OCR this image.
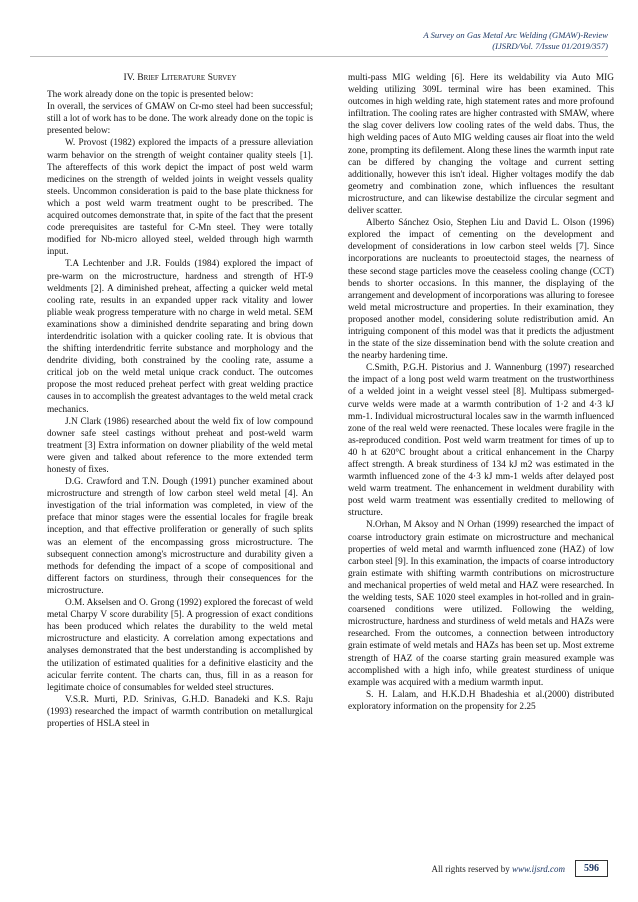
A Survey on Gas Metal Arc Welding (GMAW)-Review
(IJSRD/Vol. 7/Issue 01/2019/357)
IV. Brief Literature Survey

The work already done on the topic is presented below:

In overall, the services of GMAW on Cr-mo steel had been successful; still a lot of work has to be done. The work already done on the topic is presented below:

W. Provost (1982) explored the impacts of a pressure alleviation warm behavior on the strength of weight container quality steels [1]. The aftereffects of this work depict the impact of post weld warm medicines on the strength of welded joints in weight vessels quality steels. Uncommon consideration is paid to the base plate thickness for which a post weld warm treatment ought to be prescribed. The acquired outcomes demonstrate that, in spite of the fact that the present code prerequisites are tasteful for C-Mn steel. They were totally modified for Nb-micro alloyed steel, welded through high warmth input.

T.A Lechtenber and J.R. Foulds (1984) explored the impact of pre-warm on the microstructure, hardness and strength of HT-9 weldments [2]. A diminished preheat, affecting a quicker weld metal cooling rate, results in an expanded upper rack vitality and lower pliable weak progress temperature with no charge in weld metal. SEM examinations show a diminished dendrite separating and bring down interdendritic isolation with a quicker cooling rate. It is obvious that the shifting interdendritic ferrite substance and morphology and the dendrite dividing, both constrained by the cooling rate, assume a critical job on the weld metal unique crack conduct. The outcomes propose the most reduced preheat perfect with great welding practice causes in to accomplish the greatest advantages to the weld metal crack mechanics.

J.N Clark (1986) researched about the weld fix of low compound downer safe steel castings without preheat and post-weld warm treatment [3] Extra information on downer pliability of the weld metal were given and talked about reference to the more extended term honesty of fixes.

D.G. Crawford and T.N. Dough (1991) puncher examined about microstructure and strength of low carbon steel weld metal [4]. An investigation of the trial information was completed, in view of the preface that minor stages were the essential locales for fragile break inception, and that effective proliferation or generally of such splits was an element of the encompassing gross microstructure. The subsequent connection among's microstructure and durability given a methods for defending the impact of a scope of compositional and different factors on sturdiness, through their consequences for the microstructure.

O.M. Akselsen and O. Grong (1992) explored the forecast of weld metal Charpy V score durability [5]. A progression of exact conditions has been produced which relates the durability to the weld metal microstructure and elasticity. A correlation among expectations and analyses demonstrated that the best understanding is accomplished by the utilization of estimated qualities for a definitive elasticity and the acicular ferrite content. The charts can, thus, fill in as a reason for legitimate choice of consumables for welded steel structures.

V.S.R. Murti, P.D. Srinivas, G.H.D. Banadeki and K.S. Raju (1993) researched the impact of warmth contribution on metallurgical properties of HSLA steel in

multi-pass MIG welding [6]. Here its weldability via Auto MIG welding utilizing 309L terminal wire has been examined. This outcomes in high welding rate, high statement rates and more profound infiltration. The cooling rates are higher contrasted with SMAW, where the slag cover delivers low cooling rates of the weld dabs. Thus, the high welding paces of Auto MIG welding causes air float into the weld zone, prompting its defilement. Along these lines the warmth input rate can be differed by changing the voltage and current setting additionally, however this isn't ideal. Higher voltages modify the dab geometry and combination zone, which influences the resultant microstructure, and can likewise destabilize the circular segment and deliver scatter.

Alberto Sánchez Osio, Stephen Liu and David L. Olson (1996) explored the impact of cementing on the development and development of considerations in low carbon steel welds [7]. Since incorporations are nucleants to proeutectoid stages, the nearness of these second stage particles move the ceaseless cooling change (CCT) bends to shorter occasions. In this manner, the displaying of the arrangement and development of incorporations was alluring to foresee weld metal microstructure and properties. In their examination, they proposed another model, considering solute redistribution amid. An intriguing component of this model was that it predicts the adjustment in the state of the size dissemination bend with the solute creation and the nearby hardening time.

C.Smith, P.G.H. Pistorius and J. Wannenburg (1997) researched the impact of a long post weld warm treatment on the trustworthiness of a welded joint in a weight vessel steel [8]. Multipass submerged-curve welds were made at a warmth contribution of 1·2 and 4·3 kJ mm-1. Individual microstructural locales saw in the warmth influenced zone of the real weld were reenacted. These locales were fragile in the as-reproduced condition. Post weld warm treatment for times of up to 40 h at 620°C brought about a critical enhancement in the Charpy affect strength. A break sturdiness of 134 kJ m2 was estimated in the warmth influenced zone of the 4·3 kJ mm-1 welds after delayed post weld warm treatment. The enhancement in weldment durability with post weld warm treatment was essentially credited to mellowing of structure.

N.Orhan, M Aksoy and N Orhan (1999) researched the impact of coarse introductory grain estimate on microstructure and mechanical properties of weld metal and warmth influenced zone (HAZ) of low carbon steel [9]. In this examination, the impacts of coarse introductory grain estimate with shifting warmth contributions on microstructure and mechanical properties of weld metal and HAZ were researched. In the welding tests, SAE 1020 steel examples in hot-rolled and in grain-coarsened conditions were utilized. Following the welding, microstructure, hardness and sturdiness of weld metals and HAZs were researched. From the outcomes, a connection between introductory grain estimate of weld metals and HAZs has been set up. Most extreme strength of HAZ of the coarse starting grain measured example was accomplished with a high info, while greatest sturdiness of unique example was acquired with a medium warmth input.

S. H. Lalam, and H.K.D.H Bhadeshia et al.(2000) distributed exploratory information on the propensity for 2.25

All rights reserved by www.ijsrd.com	596
